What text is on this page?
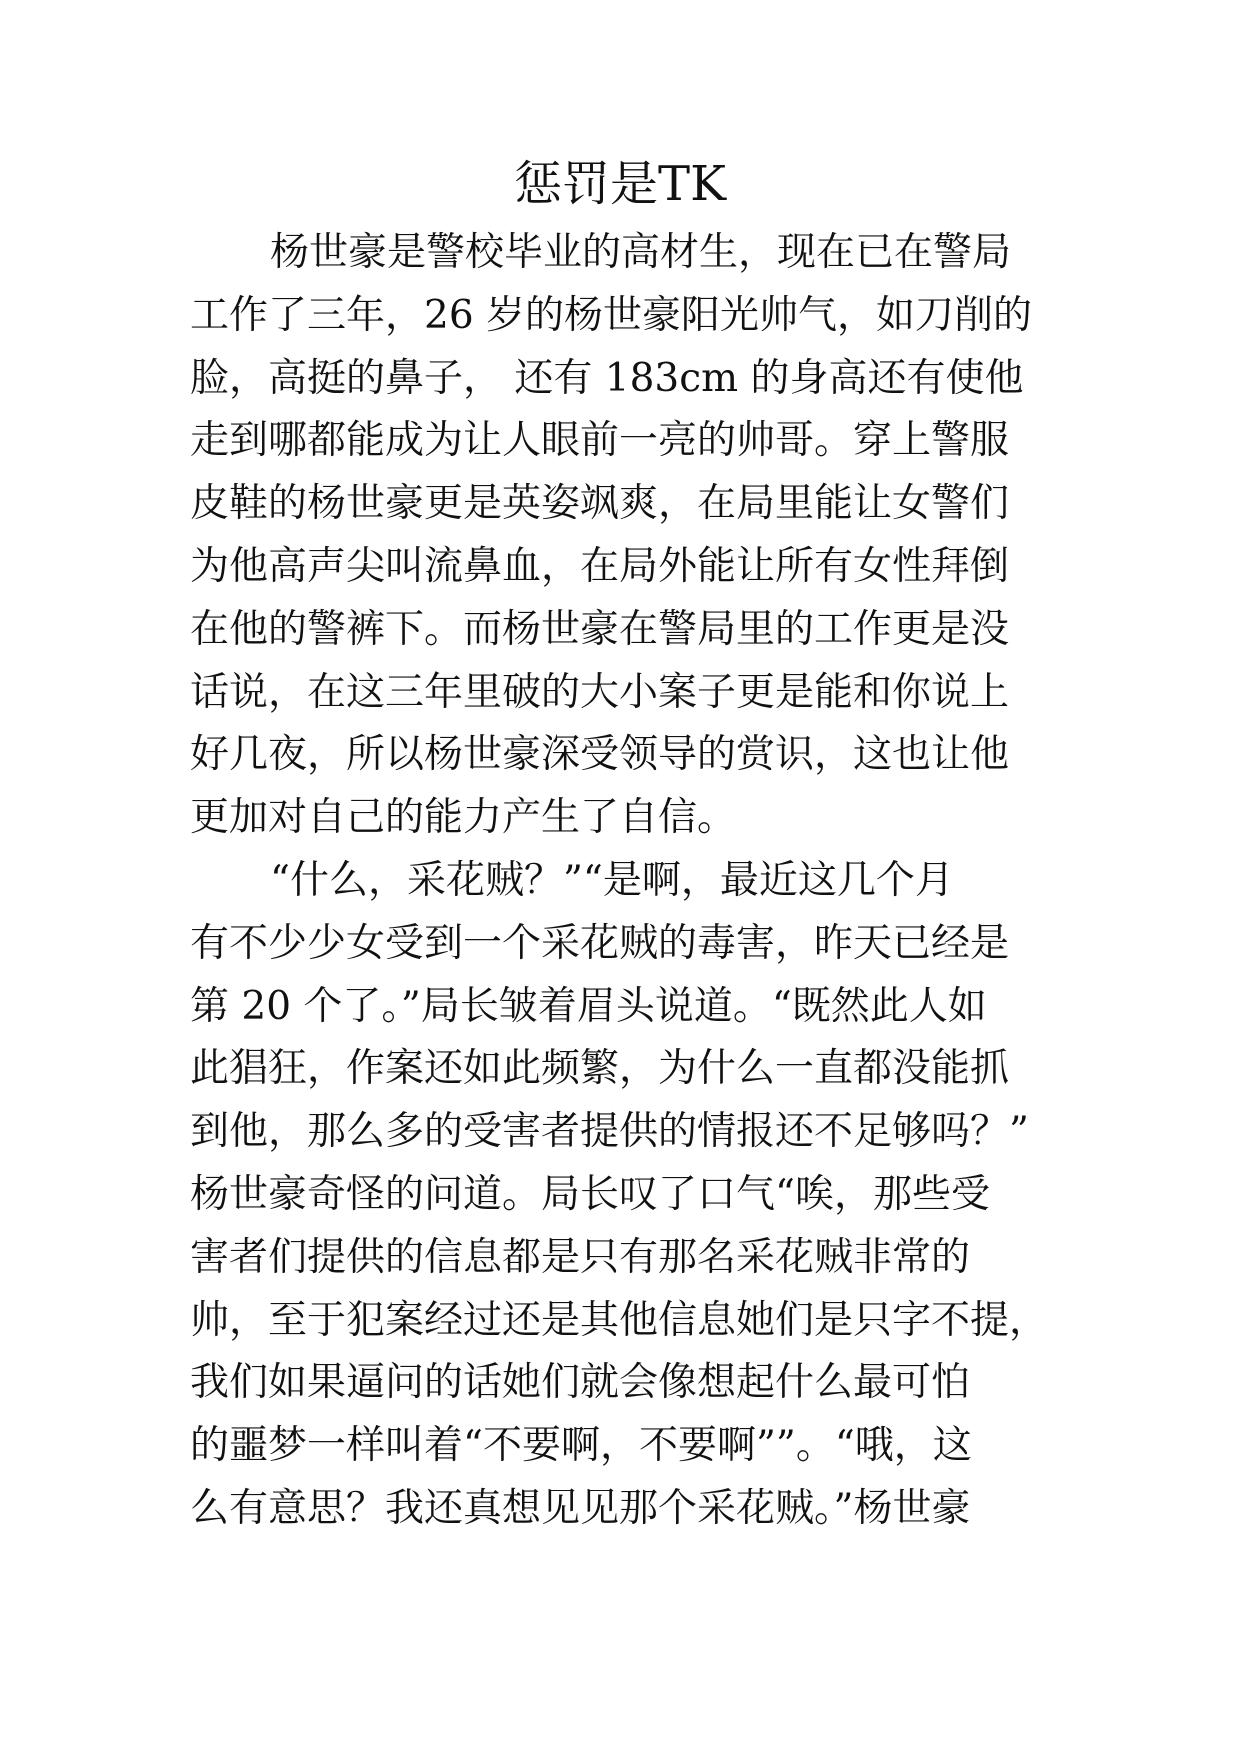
惩罚是TK
杨世豪是警校毕业的高材生，现在已在警局
工作了三年，26 岁的杨世豪阳光帅气，如刀削的
脸，高挺的鼻子， 还有 183cm 的身高还有使他
走到哪都能成为让人眼前一亮的帅哥。穿上警服
皮鞋的杨世豪更是英姿飒爽，在局里能让女警们
为他高声尖叫流鼻血，在局外能让所有女性拜倒
在他的警裤下。而杨世豪在警局里的工作更是没
话说，在这三年里破的大小案子更是能和你说上
好几夜，所以杨世豪深受领导的赏识，这也让他
更加对自己的能力产生了自信。
“什么，采花贼？”“是啊，最近这几个月
有不少少女受到一个采花贼的毒害，昨天已经是
第 20 个了。”局长皱着眉头说道。“既然此人如
此猖狂，作案还如此频繁，为什么一直都没能抓
到他，那么多的受害者提供的情报还不足够吗？”
杨世豪奇怪的问道。局长叹了口气“唉，那些受
害者们提供的信息都是只有那名采花贼非常的
帅，至于犯案经过还是其他信息她们是只字不提，
我们如果逼问的话她们就会像想起什么最可怕
的噩梦一样叫着“不要啊，不要啊””。“哦，这
么有意思？我还真想见见那个采花贼。”杨世豪
